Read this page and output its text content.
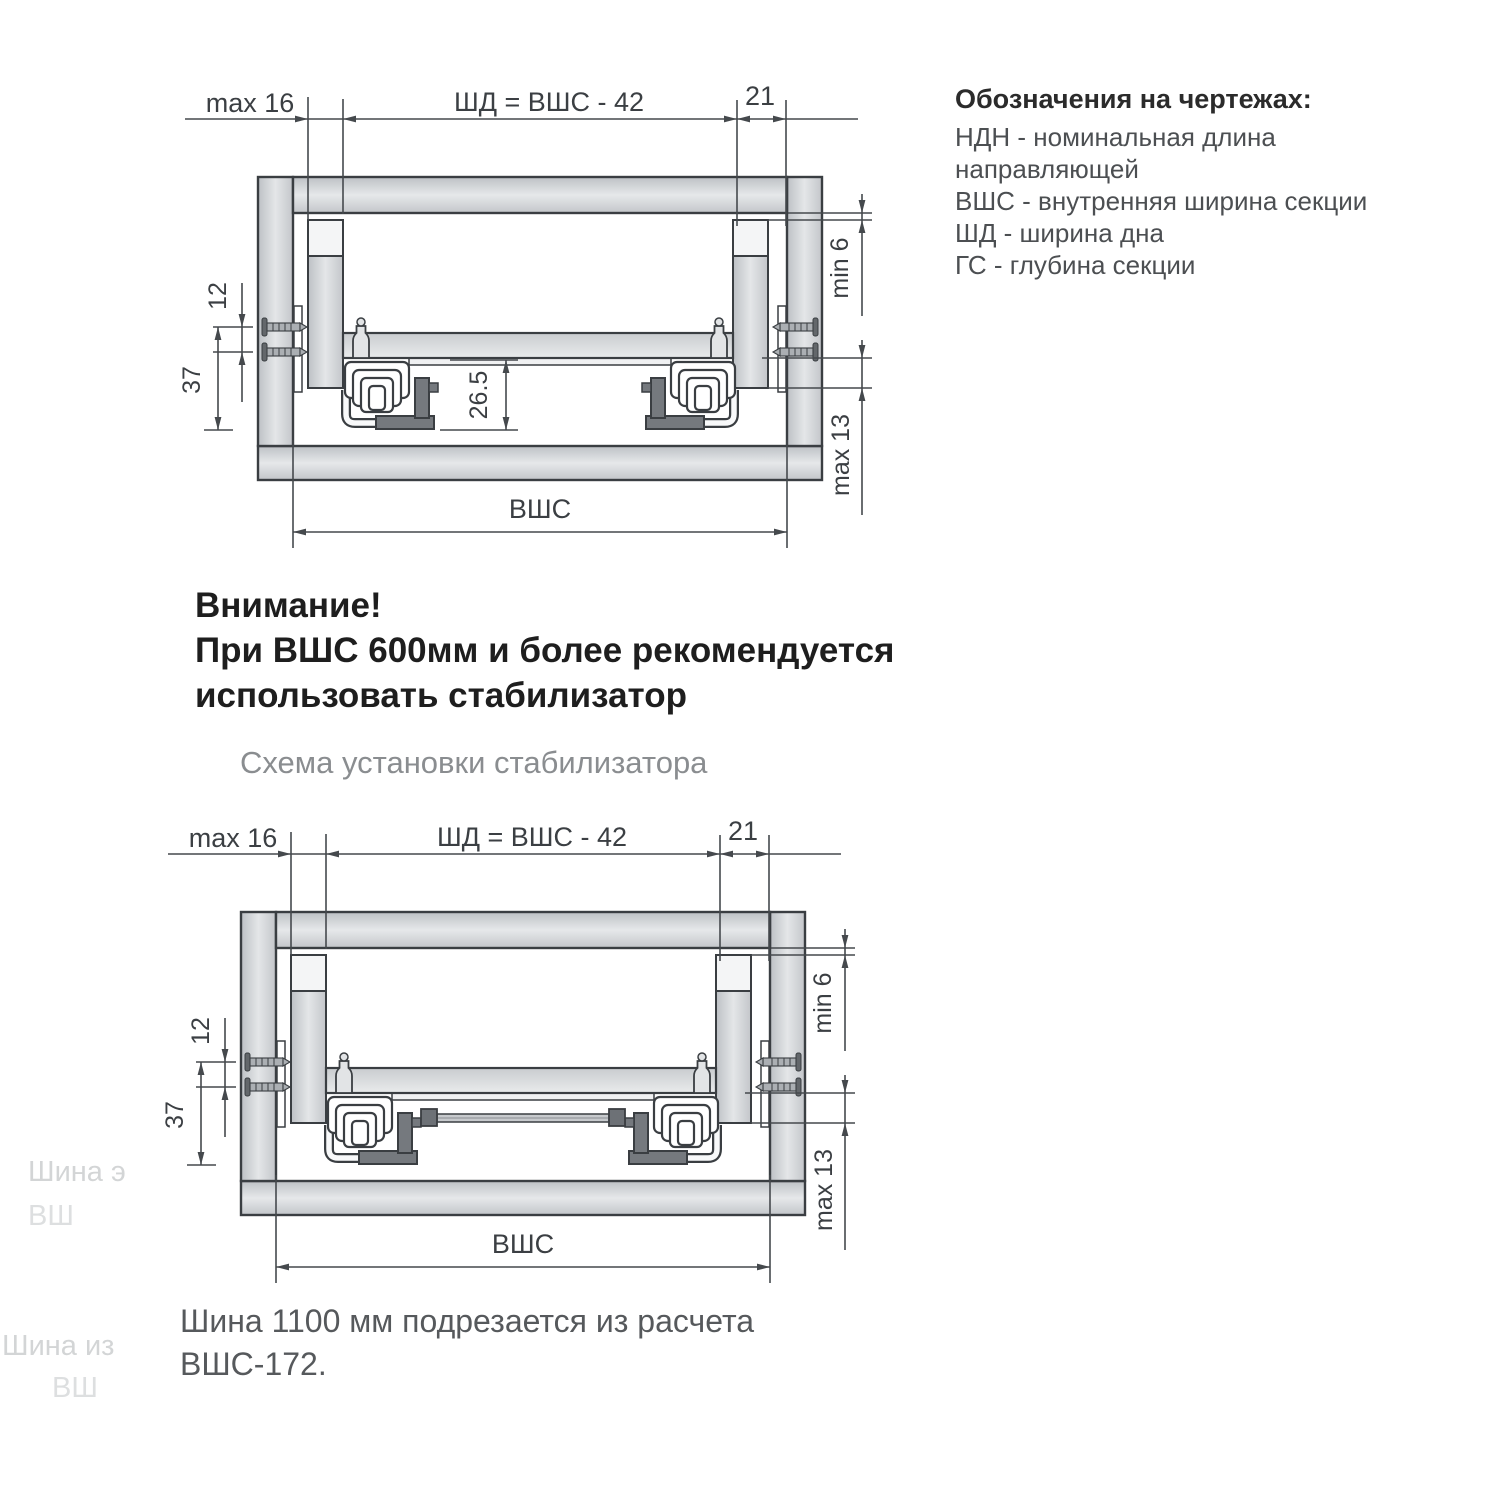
26.5
Обозначения на чертежах:
НДН - номинальная длина
направляющей
ВШС - внутренняя ширина секции
ШД - ширина дна
ГС - глубина секции
Внимание!
При ВШС 600мм и более рекомендуется
использовать стабилизатор
Схема установки стабилизатора
Шина 1100 мм подрезается из расчета
ВШС-172.
Шина э
ВШ
Шина из
ВШ
